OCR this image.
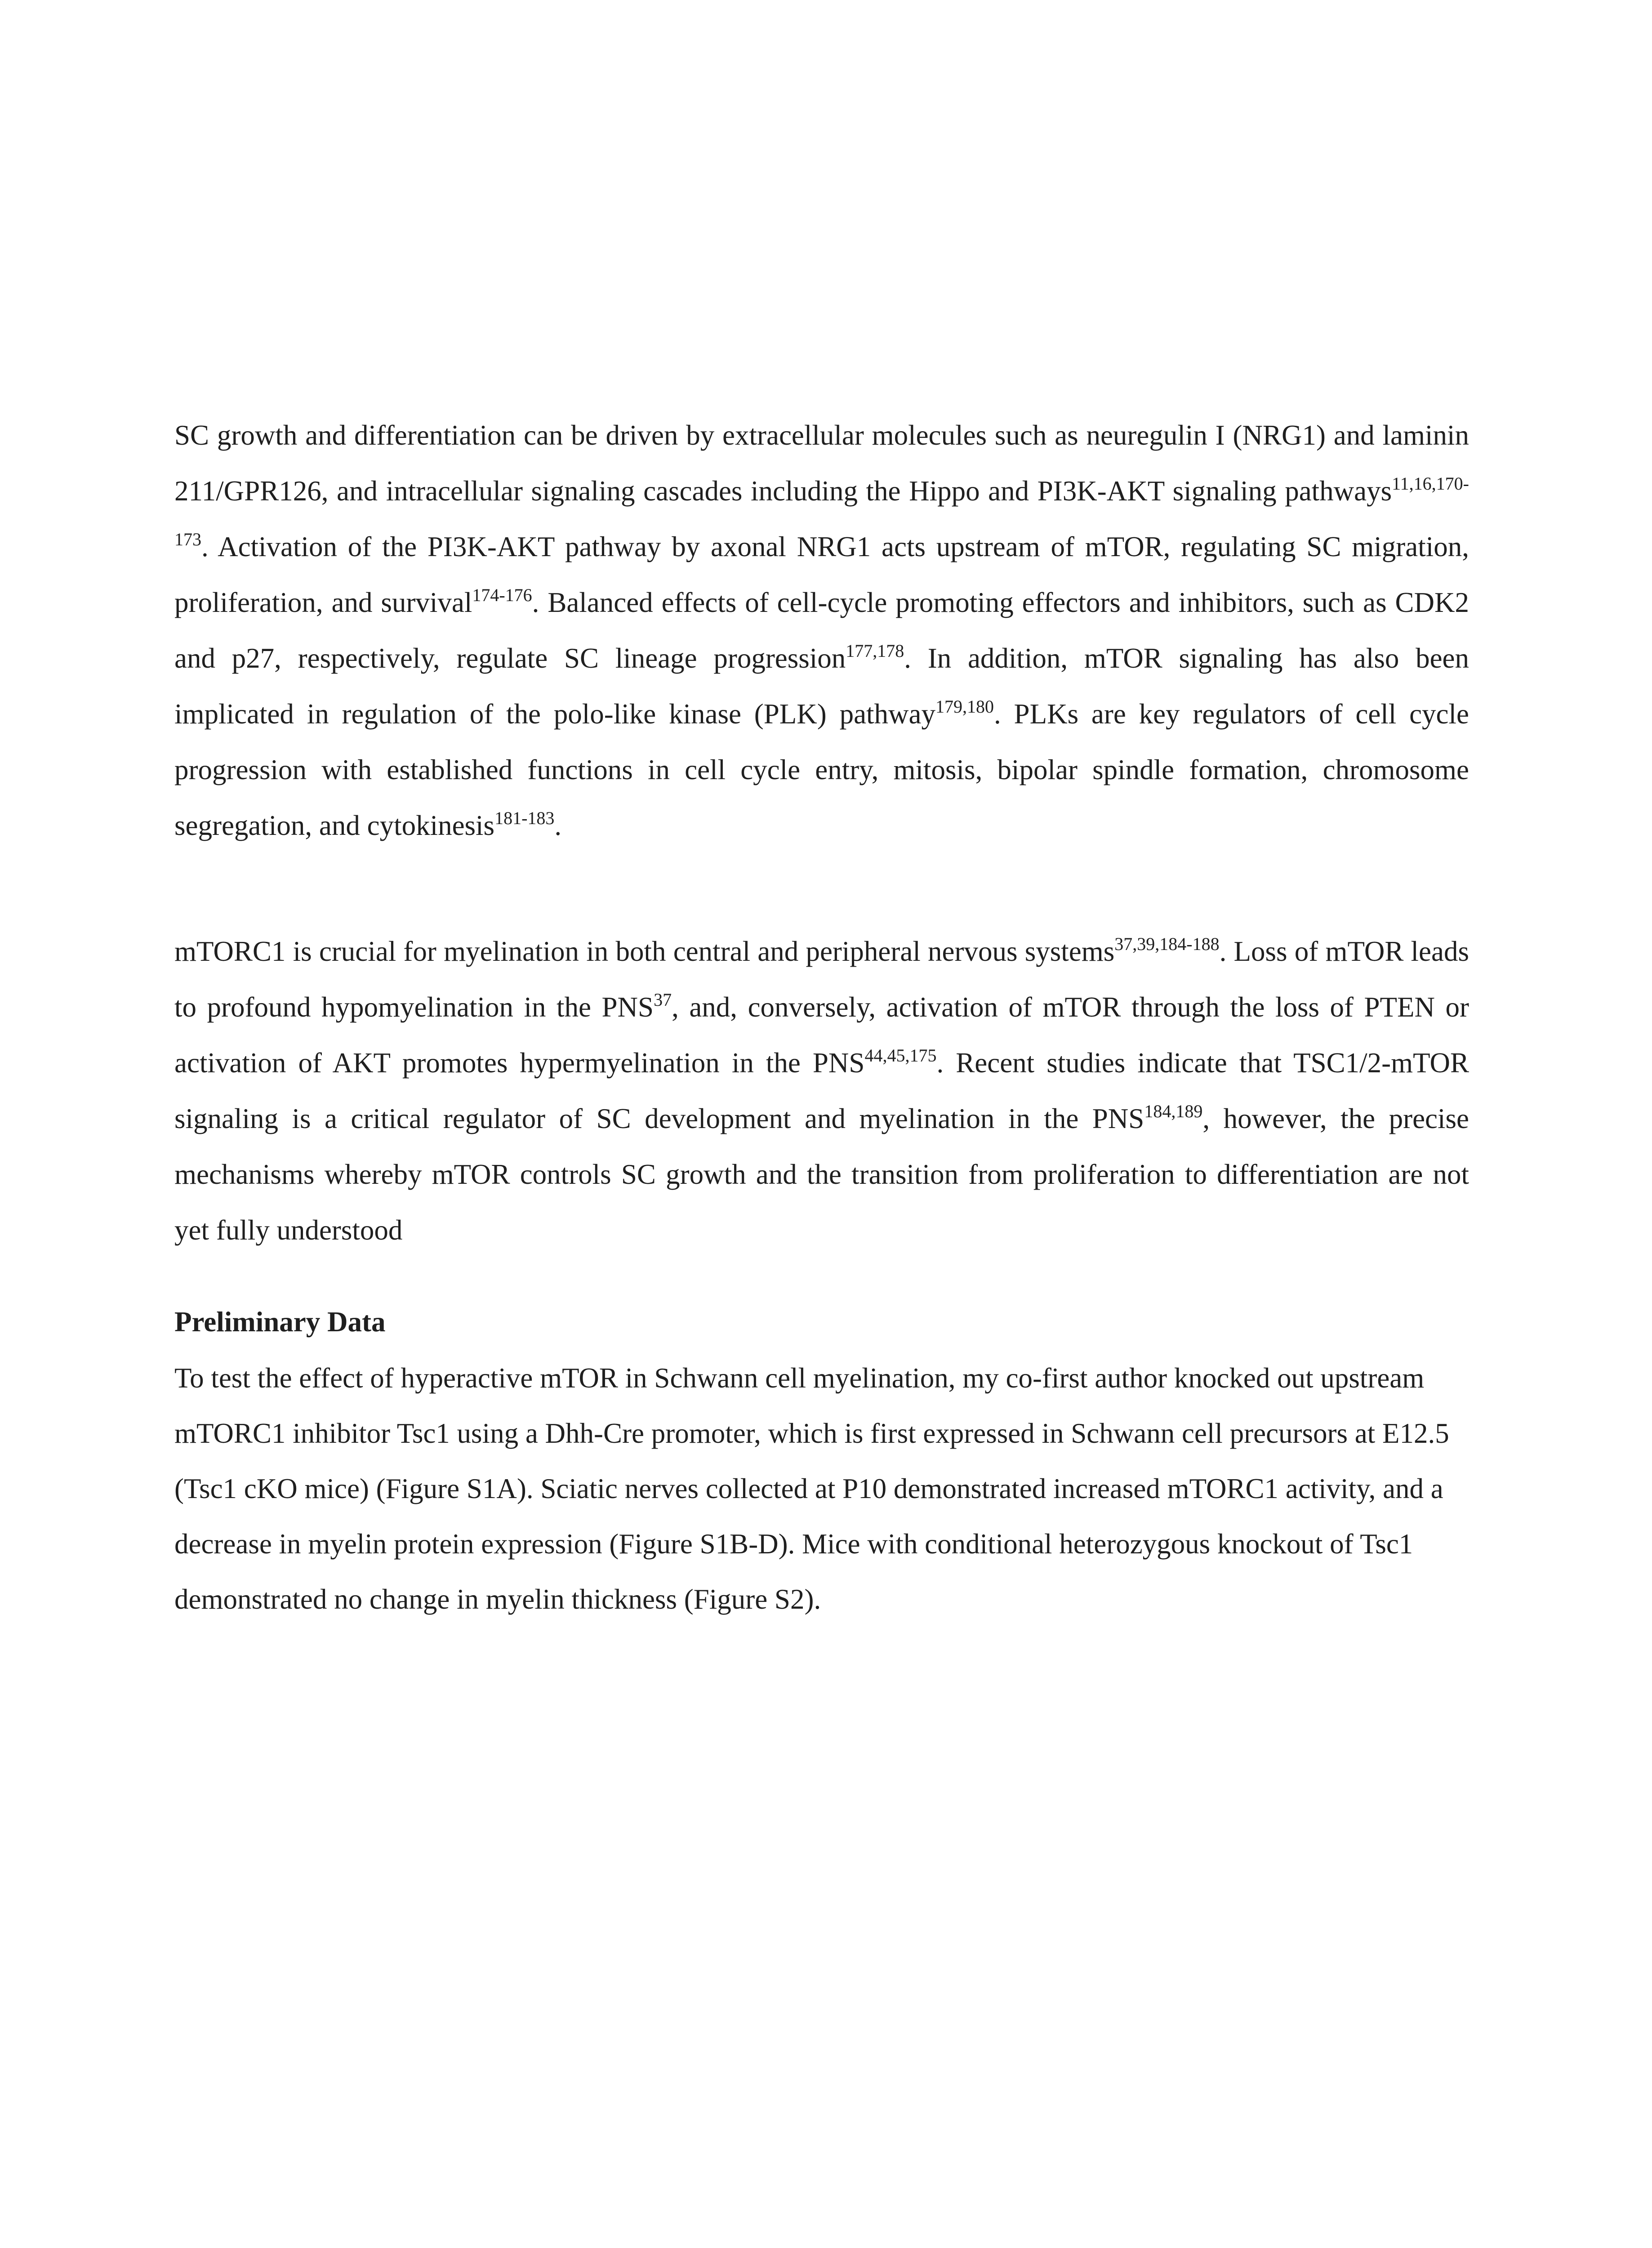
SC growth and differentiation can be driven by extracellular molecules such as neuregulin I (NRG1) and laminin 211/GPR126, and intracellular signaling cascades including the Hippo and PI3K-AKT signaling pathways$^{11,16,170-173}$. Activation of the PI3K-AKT pathway by axonal NRG1 acts upstream of mTOR, regulating SC migration, proliferation, and survival$^{174-176}$. Balanced effects of cell-cycle promoting effectors and inhibitors, such as CDK2 and p27, respectively, regulate SC lineage progression$^{177,178}$. In addition, mTOR signaling has also been implicated in regulation of the polo-like kinase (PLK) pathway$^{179,180}$. PLKs are key regulators of cell cycle progression with established functions in cell cycle entry, mitosis, bipolar spindle formation, chromosome segregation, and cytokinesis$^{181-183}$.
mTORC1 is crucial for myelination in both central and peripheral nervous systems$^{37,39,184-188}$. Loss of mTOR leads to profound hypomyelination in the PNS$^{37}$, and, conversely, activation of mTOR through the loss of PTEN or activation of AKT promotes hypermyelination in the PNS$^{44,45,175}$. Recent studies indicate that TSC1/2-mTOR signaling is a critical regulator of SC development and myelination in the PNS$^{184,189}$, however, the precise mechanisms whereby mTOR controls SC growth and the transition from proliferation to differentiation are not yet fully understood
Preliminary Data
To test the effect of hyperactive mTOR in Schwann cell myelination, my co-first author knocked out upstream mTORC1 inhibitor Tsc1 using a Dhh-Cre promoter, which is first expressed in Schwann cell precursors at E12.5 (Tsc1 cKO mice) (Figure S1A). Sciatic nerves collected at P10 demonstrated increased mTORC1 activity, and a decrease in myelin protein expression (Figure S1B-D). Mice with conditional heterozygous knockout of Tsc1 demonstrated no change in myelin thickness (Figure S2).
